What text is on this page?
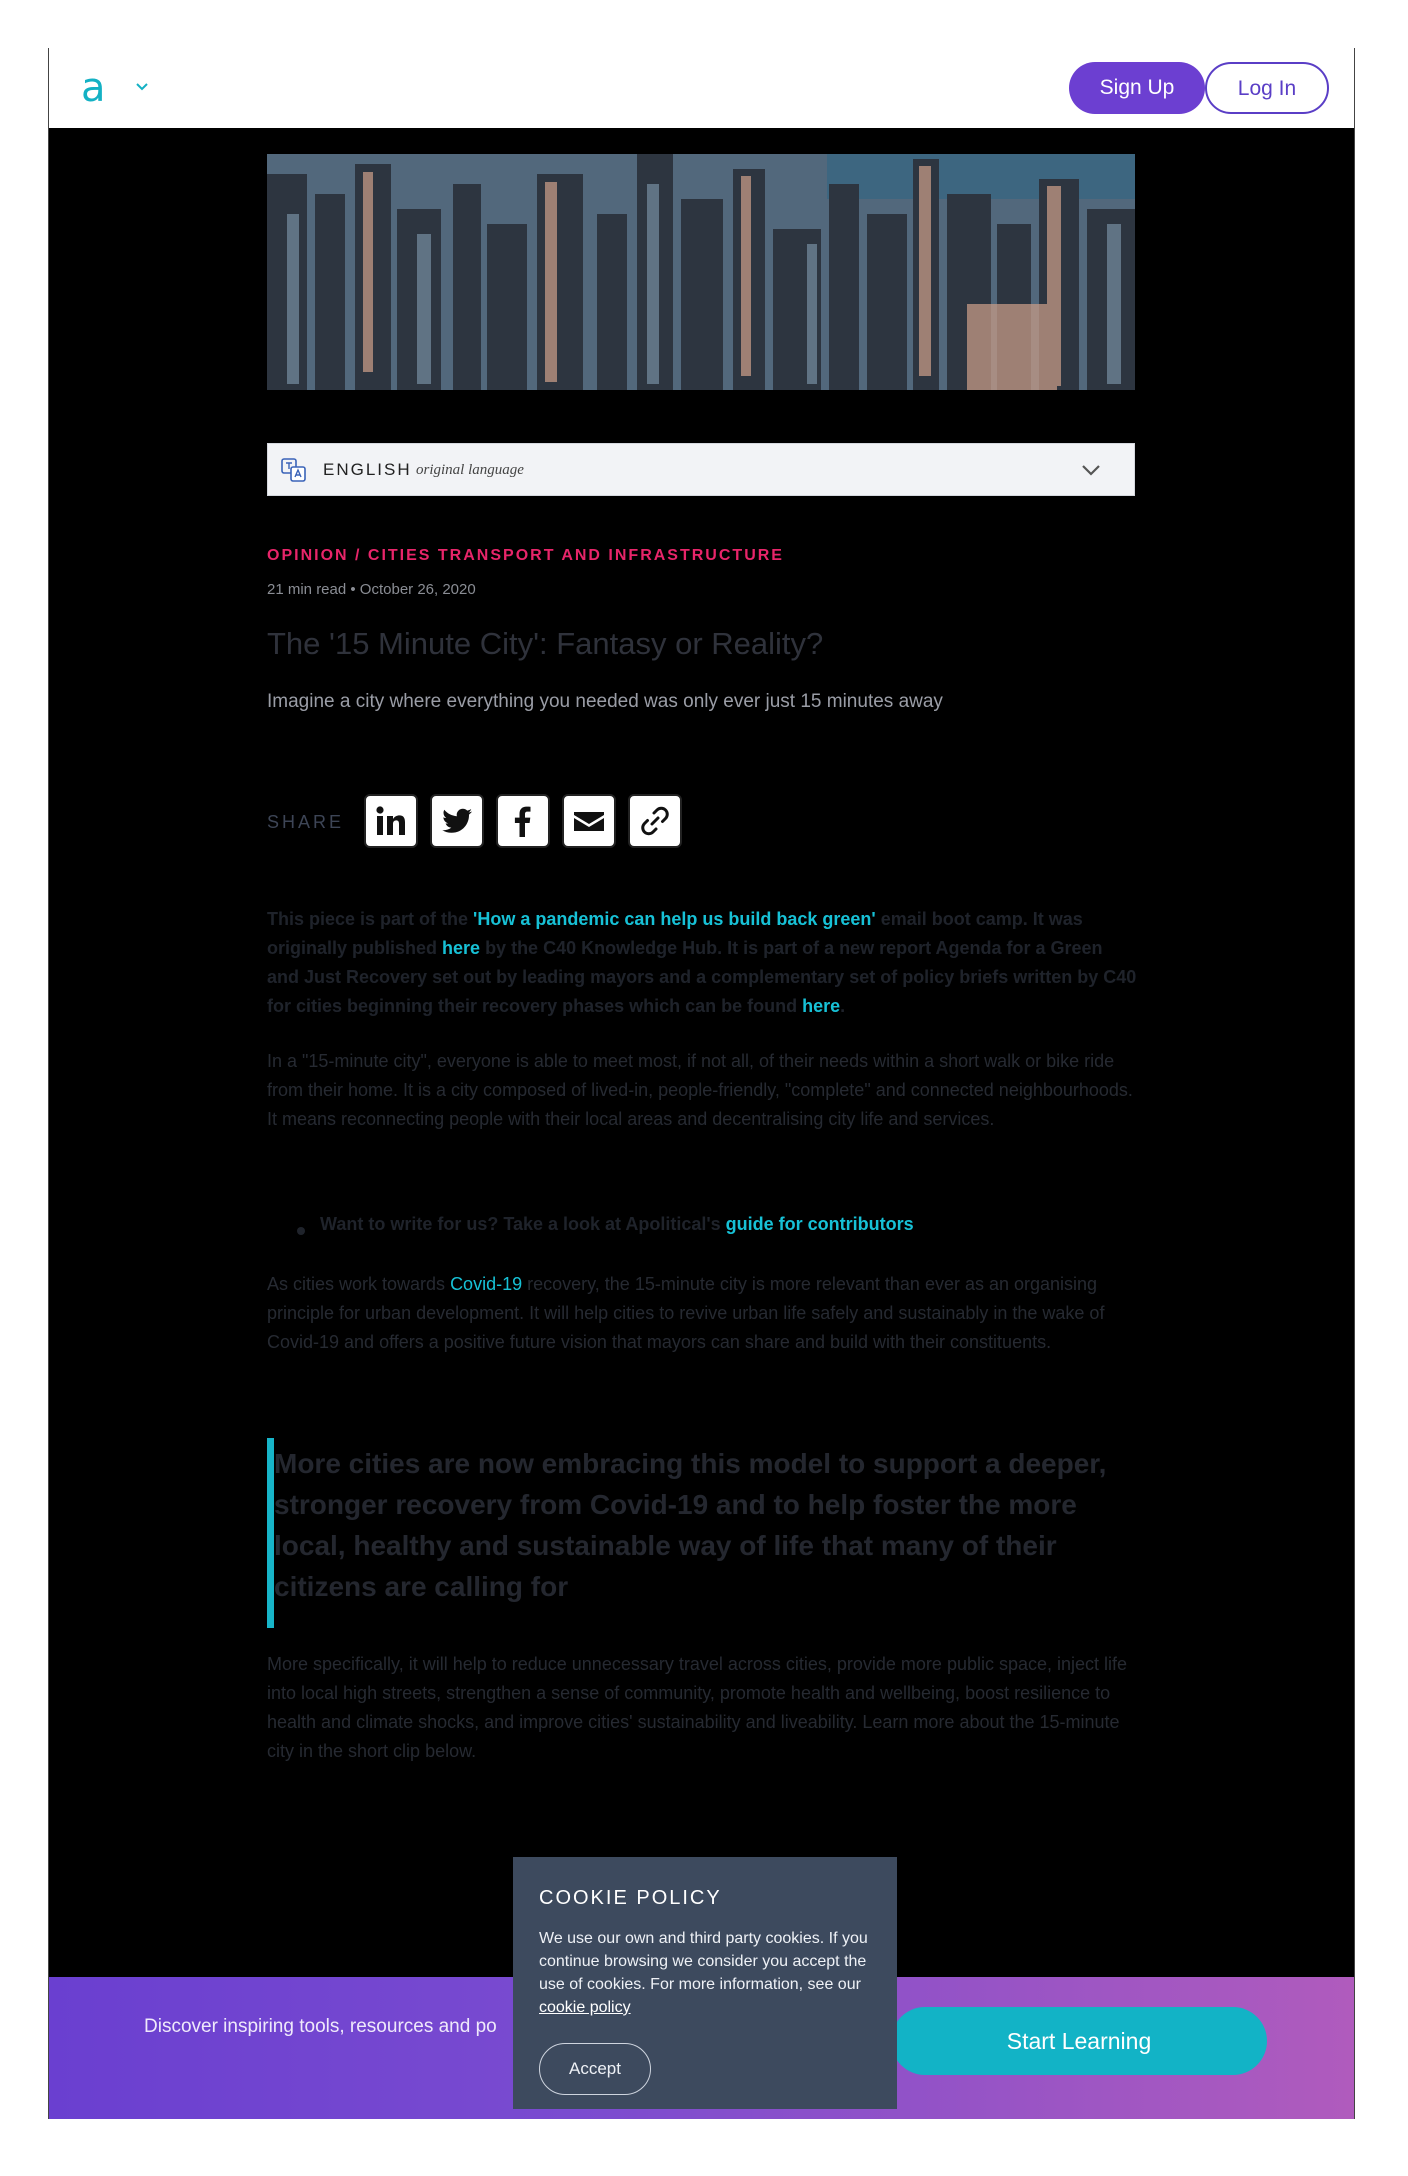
a	Sign Up	Log In
ENGLISH original language
OPINION / CITIES TRANSPORT AND INFRASTRUCTURE
21 min read • October 26, 2020
The '15 Minute City': Fantasy or Reality?
Imagine a city where everything you needed was only ever just 15 minutes away
SHARE
This piece is part of the 'How a pandemic can help us build back green' email boot camp. It was originally published here by the C40 Knowledge Hub. It is part of a new report Agenda for a Green and Just Recovery set out by leading mayors and a complementary set of policy briefs written by C40 for cities beginning their recovery phases which can be found here.
In a "15-minute city", everyone is able to meet most, if not all, of their needs within a short walk or bike ride from their home. It is a city composed of lived-in, people-friendly, "complete" and connected neighbourhoods. It means reconnecting people with their local areas and decentralising city life and services.
Want to write for us? Take a look at Apolitical's guide for contributors
As cities work towards Covid-19 recovery, the 15-minute city is more relevant than ever as an organising principle for urban development. It will help cities to revive urban life safely and sustainably in the wake of Covid-19 and offers a positive future vision that mayors can share and build with their constituents.
More cities are now embracing this model to support a deeper, stronger recovery from Covid-19 and to help foster the more local, healthy and sustainable way of life that many of their citizens are calling for
More specifically, it will help to reduce unnecessary travel across cities, provide more public space, inject life into local high streets, strengthen a sense of community, promote health and wellbeing, boost resilience to health and climate shocks, and improve cities' sustainability and liveability. Learn more about the 15-minute city in the short clip below.
Discover inspiring tools, resources and po
Start Learning
COOKIE POLICY
We use our own and third party cookies. If you continue browsing we consider you accept the use of cookies. For more information, see our cookie policy
Accept
